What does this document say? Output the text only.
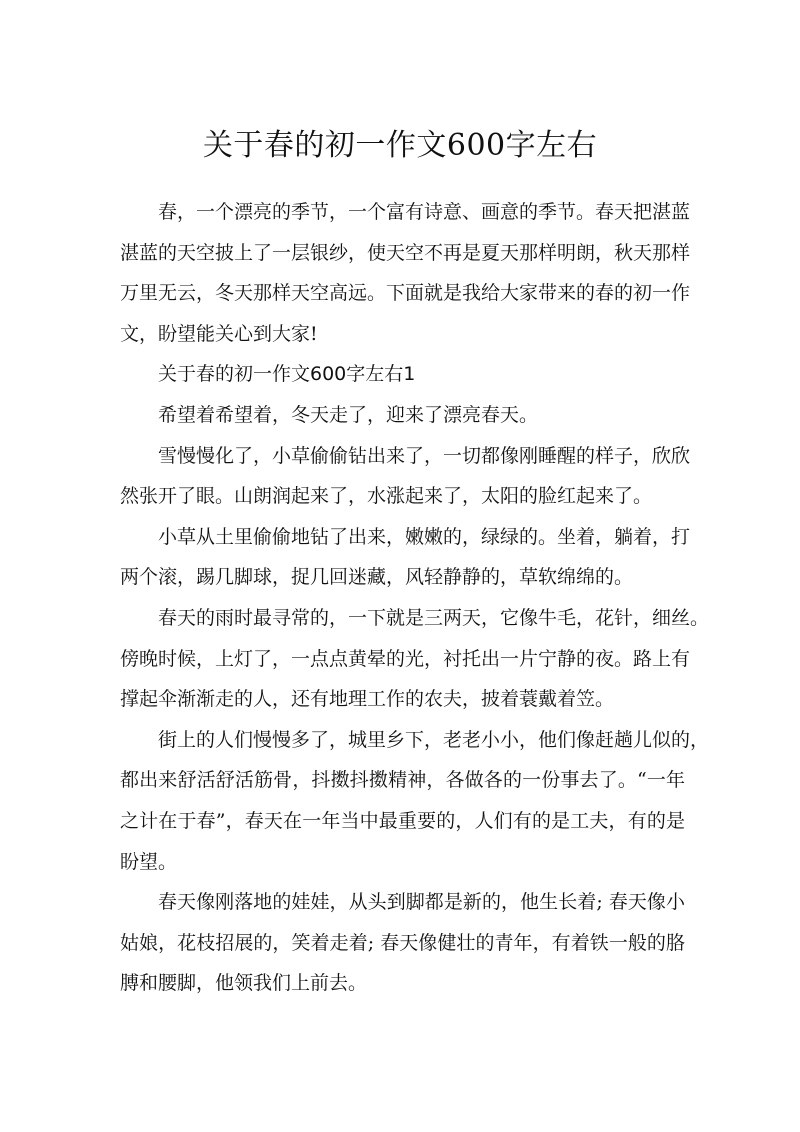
关于春的初一作文600字左右

春，一个漂亮的季节，一个富有诗意、画意的季节。春天把湛蓝
湛蓝的天空披上了一层银纱，使天空不再是夏天那样明朗，秋天那样
万里无云，冬天那样天空高远。下面就是我给大家带来的春的初一作
文，盼望能关心到大家!

关于春的初一作文600字左右1

希望着希望着，冬天走了，迎来了漂亮春天。

雪慢慢化了，小草偷偷钻出来了，一切都像刚睡醒的样子，欣欣
然张开了眼。山朗润起来了，水涨起来了，太阳的脸红起来了。

小草从土里偷偷地钻了出来，嫩嫩的，绿绿的。坐着，躺着，打
两个滚，踢几脚球，捉几回迷藏，风轻静静的，草软绵绵的。

春天的雨时最寻常的，一下就是三两天，它像牛毛，花针，细丝。
傍晚时候，上灯了，一点点黄晕的光，衬托出一片宁静的夜。路上有
撑起伞渐渐走的人，还有地理工作的农夫，披着蓑戴着笠。

街上的人们慢慢多了，城里乡下，老老小小，他们像赶趟儿似的，
都出来舒活舒活筋骨，抖擞抖擞精神，各做各的一份事去了。“一年
之计在于春”，春天在一年当中最重要的，人们有的是工夫，有的是
盼望。

春天像刚落地的娃娃，从头到脚都是新的，他生长着; 春天像小
姑娘，花枝招展的，笑着走着; 春天像健壮的青年，有着铁一般的胳
膊和腰脚，他领我们上前去。
